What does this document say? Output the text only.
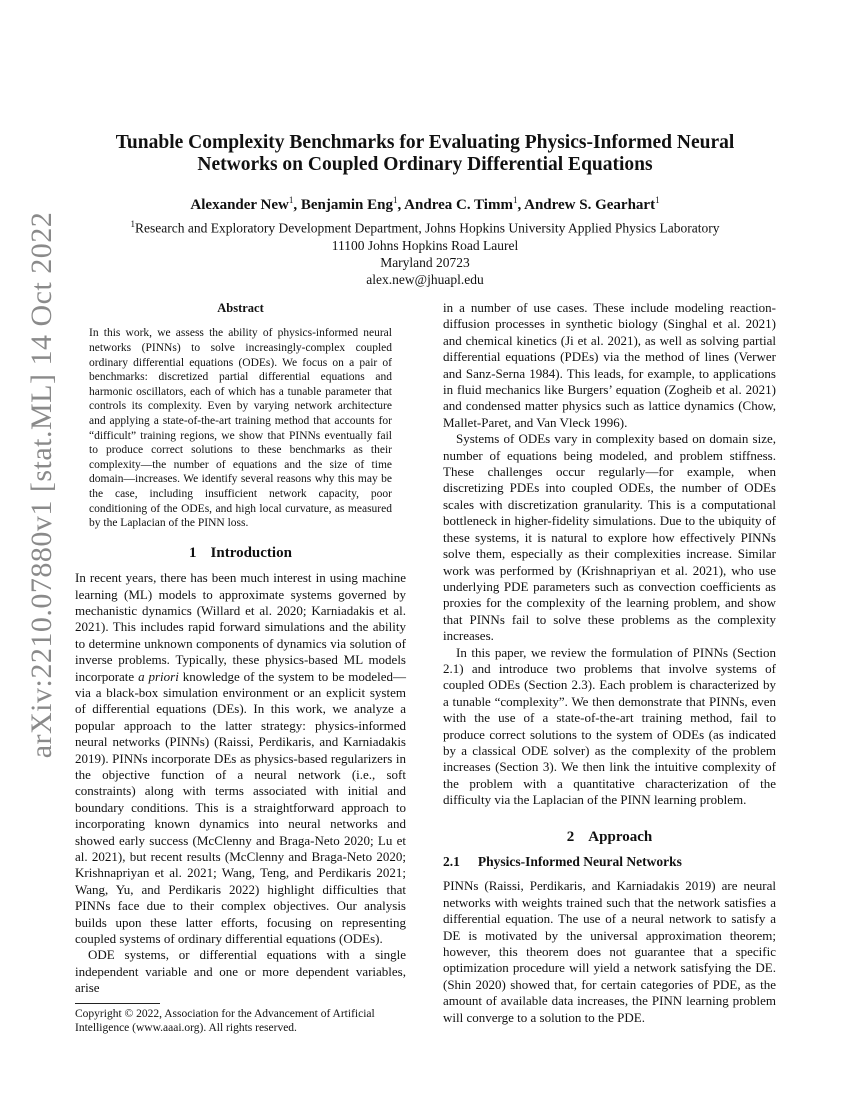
arXiv:2210.07880v1 [stat.ML] 14 Oct 2022
Tunable Complexity Benchmarks for Evaluating Physics-Informed Neural
Networks on Coupled Ordinary Differential Equations
Alexander New$^1$, Benjamin Eng$^1$, Andrea C. Timm$^1$, Andrew S. Gearhart$^1$
$^1$Research and Exploratory Development Department, Johns Hopkins University Applied Physics Laboratory
11100 Johns Hopkins Road Laurel
Maryland 20723
alex.new@jhuapl.edu
Abstract

In this work, we assess the ability of physics-informed neural networks (PINNs) to solve increasingly-complex coupled ordinary differential equations (ODEs). We focus on a pair of benchmarks: discretized partial differential equations and harmonic oscillators, each of which has a tunable parameter that controls its complexity. Even by varying network architecture and applying a state-of-the-art training method that accounts for “difficult” training regions, we show that PINNs eventually fail to produce correct solutions to these benchmarks as their complexity—the number of equations and the size of time domain—increases. We identify several reasons why this may be the case, including insufficient network capacity, poor conditioning of the ODEs, and high local curvature, as measured by the Laplacian of the PINN loss.

1 Introduction

In recent years, there has been much interest in using machine learning (ML) models to approximate systems governed by mechanistic dynamics (Willard et al. 2020; Karniadakis et al. 2021). This includes rapid forward simulations and the ability to determine unknown components of dynamics via solution of inverse problems. Typically, these physics-based ML models incorporate a priori knowledge of the system to be modeled—via a black-box simulation environment or an explicit system of differential equations (DEs). In this work, we analyze a popular approach to the latter strategy: physics-informed neural networks (PINNs) (Raissi, Perdikaris, and Karniadakis 2019). PINNs incorporate DEs as physics-based regularizers in the objective function of a neural network (i.e., soft constraints) along with terms associated with initial and boundary conditions. This is a straightforward approach to incorporating known dynamics into neural networks and showed early success (McClenny and Braga-Neto 2020; Lu et al. 2021), but recent results (McClenny and Braga-Neto 2020; Krishnapriyan et al. 2021; Wang, Teng, and Perdikaris 2021; Wang, Yu, and Perdikaris 2022) highlight difficulties that PINNs face due to their complex objectives. Our analysis builds upon these latter efforts, focusing on representing coupled systems of ordinary differential equations (ODEs).

ODE systems, or differential equations with a single independent variable and one or more dependent variables, arise

Copyright © 2022, Association for the Advancement of Artificial Intelligence (www.aaai.org). All rights reserved.

in a number of use cases. These include modeling reaction-diffusion processes in synthetic biology (Singhal et al. 2021) and chemical kinetics (Ji et al. 2021), as well as solving partial differential equations (PDEs) via the method of lines (Verwer and Sanz-Serna 1984). This leads, for example, to applications in fluid mechanics like Burgers’ equation (Zogheib et al. 2021) and condensed matter physics such as lattice dynamics (Chow, Mallet-Paret, and Van Vleck 1996).

Systems of ODEs vary in complexity based on domain size, number of equations being modeled, and problem stiffness. These challenges occur regularly—for example, when discretizing PDEs into coupled ODEs, the number of ODEs scales with discretization granularity. This is a computational bottleneck in higher-fidelity simulations. Due to the ubiquity of these systems, it is natural to explore how effectively PINNs solve them, especially as their complexities increase. Similar work was performed by (Krishnapriyan et al. 2021), who use underlying PDE parameters such as convection coefficients as proxies for the complexity of the learning problem, and show that PINNs fail to solve these problems as the complexity increases.

In this paper, we review the formulation of PINNs (Section 2.1) and introduce two problems that involve systems of coupled ODEs (Section 2.3). Each problem is characterized by a tunable “complexity”. We then demonstrate that PINNs, even with the use of a state-of-the-art training method, fail to produce correct solutions to the system of ODEs (as indicated by a classical ODE solver) as the complexity of the problem increases (Section 3). We then link the intuitive complexity of the problem with a quantitative characterization of the difficulty via the Laplacian of the PINN learning problem.

2 Approach
2.1 Physics-Informed Neural Networks

PINNs (Raissi, Perdikaris, and Karniadakis 2019) are neural networks with weights trained such that the network satisfies a differential equation. The use of a neural network to satisfy a DE is motivated by the universal approximation theorem; however, this theorem does not guarantee that a specific optimization procedure will yield a network satisfying the DE. (Shin 2020) showed that, for certain categories of PDE, as the amount of available data increases, the PINN learning problem will converge to a solution to the PDE.
